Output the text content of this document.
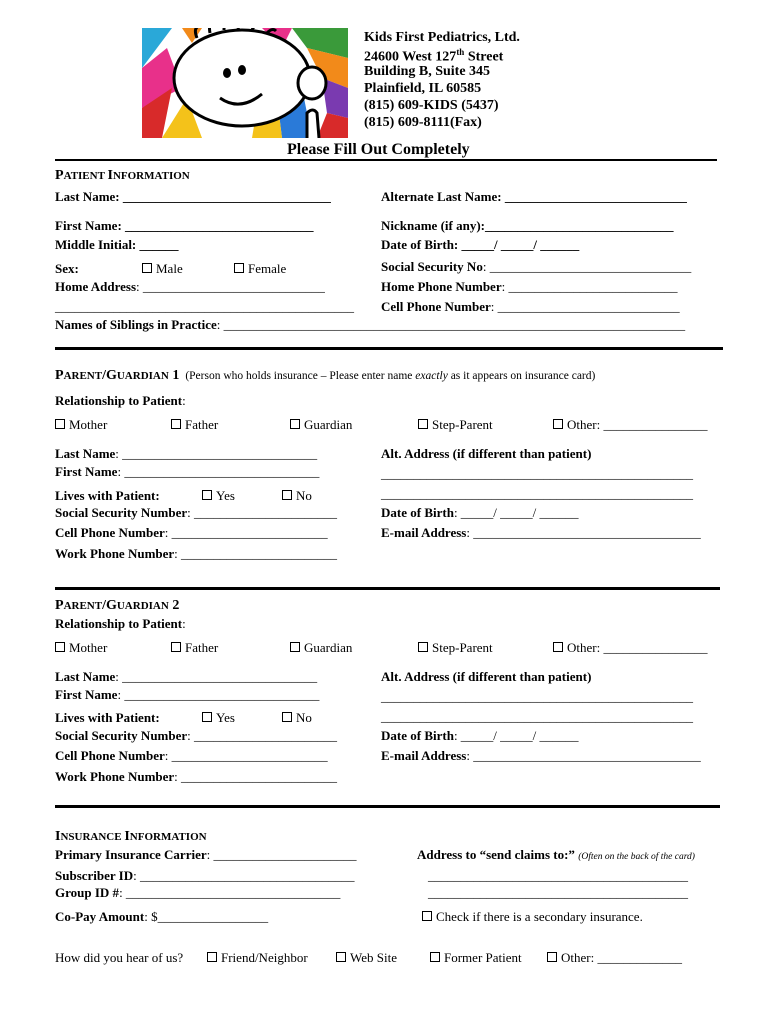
Kids First Pediatrics, Ltd.
24600 West 127th Street
Building B, Suite 345
Plainfield, IL 60585
(815) 609-KIDS (5437)
(815) 609-8111(Fax)
Please Fill Out Completely
PATIENT INFORMATION
Last Name: ________________________________	Alternate Last Name: ____________________________
First Name: _____________________________	Nickname (if any):_____________________________
Middle Initial: ______	Date of Birth: _____/ _____/ ______
Sex:	Male	Female	Social Security No: _______________________________
Home Address: ____________________________	Home Phone Number: __________________________
______________________________________________ Cell Phone Number: ____________________________
Names of Siblings in Practice: _______________________________________________________________________
PARENT/GUARDIAN 1 (Person who holds insurance – Please enter name exactly as it appears on insurance card)
Relationship to Patient:
Mother	Father	Guardian	Step-Parent	Other: ________________
Last Name: ______________________________	Alt. Address (if different than patient)
First Name: ______________________________	________________________________________________
Lives with Patient:	Yes	No	________________________________________________
Social Security Number: ______________________	Date of Birth: _____/ _____/ ______
Cell Phone Number: ________________________	E-mail Address: ___________________________________
Work Phone Number: ________________________
PARENT/GUARDIAN 2
Relationship to Patient:
Mother	Father	Guardian	Step-Parent	Other: ________________
Last Name: ______________________________	Alt. Address (if different than patient)
First Name: ______________________________	________________________________________________
Lives with Patient:	Yes	No	________________________________________________
Social Security Number: ______________________	Date of Birth: _____/ _____/ ______
Cell Phone Number: ________________________	E-mail Address: ___________________________________
Work Phone Number: ________________________
INSURANCE INFORMATION
Primary Insurance Carrier: ______________________	Address to “send claims to:” (Often on the back of the card)
Subscriber ID: _________________________________	________________________________________
Group ID #: _________________________________	________________________________________
Co-Pay Amount: $_________________	Check if there is a secondary insurance.
How did you hear of us?	Friend/Neighbor	Web Site	Former Patient	Other: _____________
